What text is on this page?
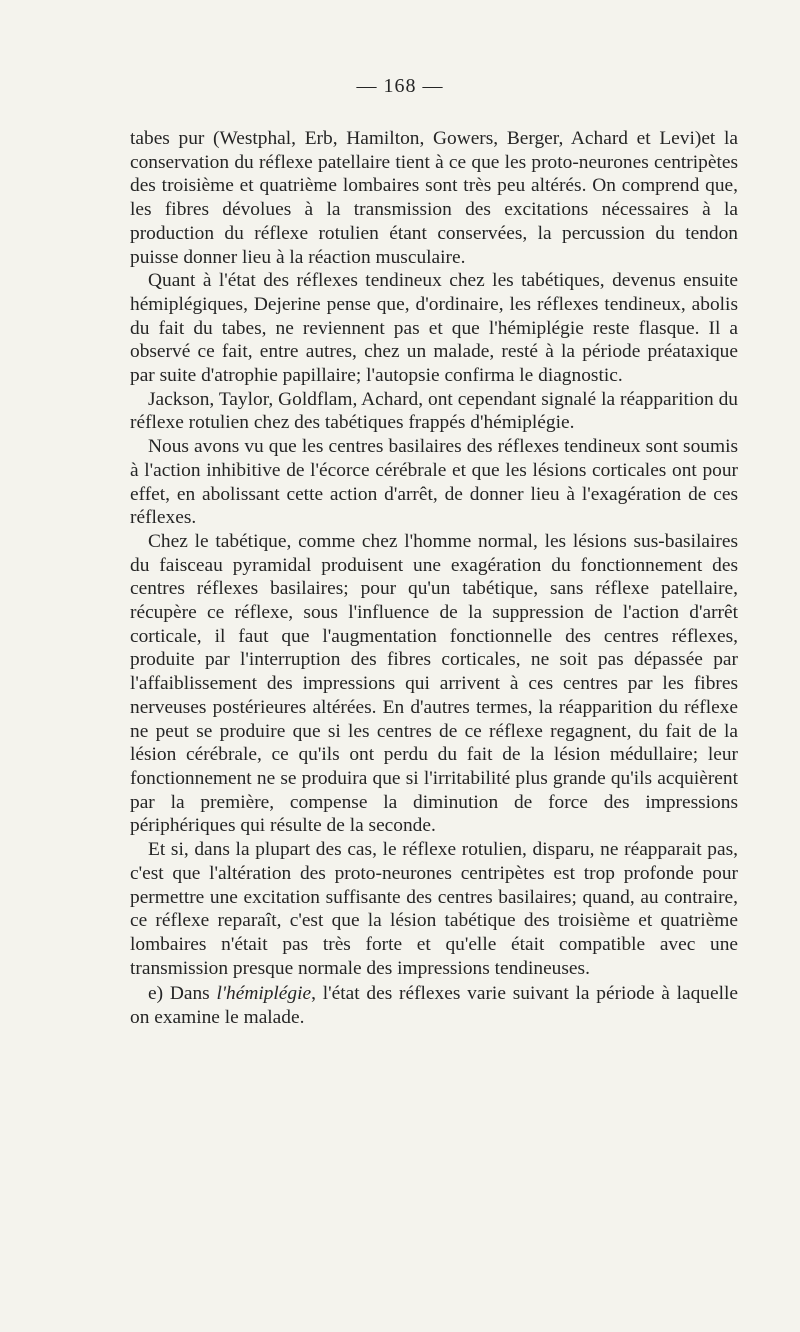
— 168 —

tabes pur (Westphal, Erb, Hamilton, Gowers, Berger, Achard et Levi)et la conservation du réflexe patellaire tient à ce que les proto-neurones centripètes des troisième et quatrième lombaires sont très peu altérés. On comprend que, les fibres dévolues à la transmission des excitations nécessaires à la production du réflexe rotulien étant conservées, la percussion du tendon puisse donner lieu à la réaction musculaire.

Quant à l'état des réflexes tendineux chez les tabétiques, devenus ensuite hémiplégiques, Dejerine pense que, d'ordinaire, les réflexes tendineux, abolis du fait du tabes, ne reviennent pas et que l'hémiplégie reste flasque. Il a observé ce fait, entre autres, chez un malade, resté à la période préataxique par suite d'atrophie papillaire; l'autopsie confirma le diagnostic.

Jackson, Taylor, Goldflam, Achard, ont cependant signalé la réapparition du réflexe rotulien chez des tabétiques frappés d'hémiplégie.

Nous avons vu que les centres basilaires des réflexes tendineux sont soumis à l'action inhibitive de l'écorce cérébrale et que les lésions corticales ont pour effet, en abolissant cette action d'arrêt, de donner lieu à l'exagération de ces réflexes.

Chez le tabétique, comme chez l'homme normal, les lésions sus-basilaires du faisceau pyramidal produisent une exagération du fonctionnement des centres réflexes basilaires; pour qu'un tabétique, sans réflexe patellaire, récupère ce réflexe, sous l'influence de la suppression de l'action d'arrêt corticale, il faut que l'augmentation fonctionnelle des centres réflexes, produite par l'interruption des fibres corticales, ne soit pas dépassée par l'affaiblissement des impressions qui arrivent à ces centres par les fibres nerveuses postérieures altérées. En d'autres termes, la réapparition du réflexe ne peut se produire que si les centres de ce réflexe regagnent, du fait de la lésion cérébrale, ce qu'ils ont perdu du fait de la lésion médullaire; leur fonctionnement ne se produira que si l'irritabilité plus grande qu'ils acquièrent par la première, compense la diminution de force des impressions périphériques qui résulte de la seconde.

Et si, dans la plupart des cas, le réflexe rotulien, disparu, ne réapparait pas, c'est que l'altération des proto-neurones centripètes est trop profonde pour permettre une excitation suffisante des centres basilaires; quand, au contraire, ce réflexe reparaît, c'est que la lésion tabétique des troisième et quatrième lombaires n'était pas très forte et qu'elle était compatible avec une transmission presque normale des impressions tendineuses.

e) Dans l'hémiplégie, l'état des réflexes varie suivant la période à laquelle on examine le malade.
